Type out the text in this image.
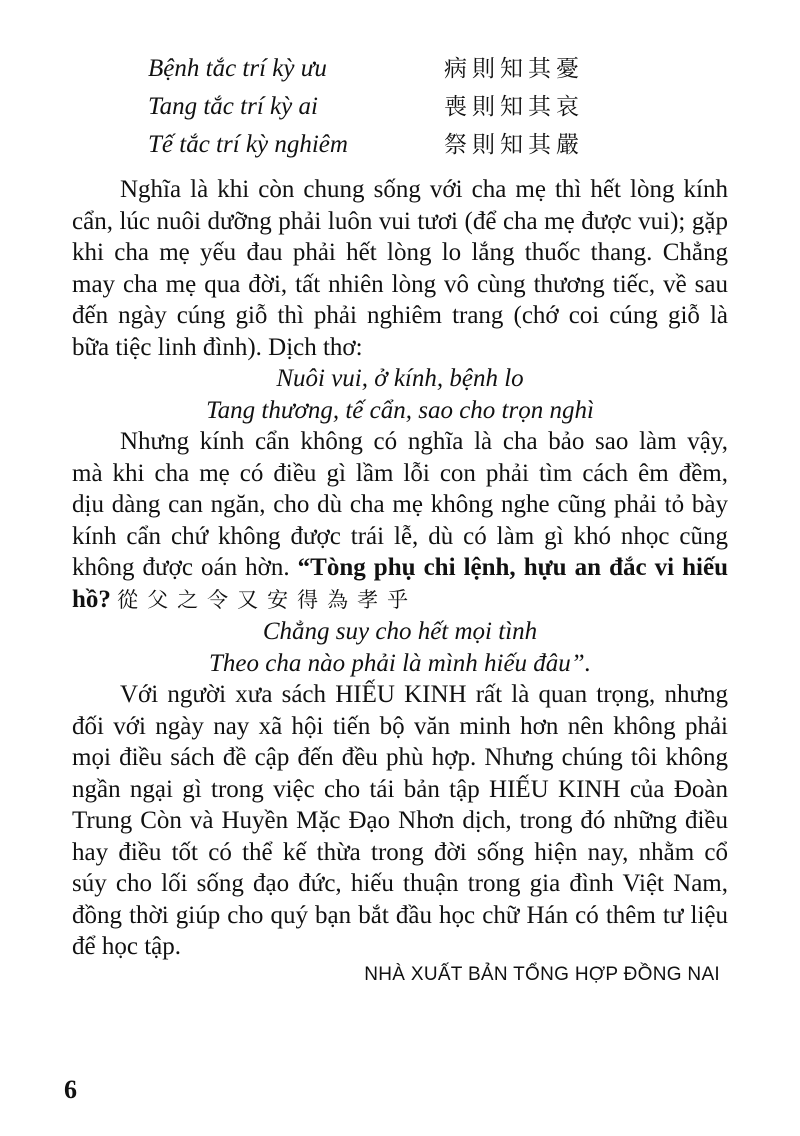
Bệnh tắc trí kỳ ưu	病則知其憂
Tang tắc trí kỳ ai	喪則知其哀
Tế tắc trí kỳ nghiêm	祭則知其嚴
Nghĩa là khi còn chung sống với cha mẹ thì hết lòng kính
cẩn, lúc nuôi dưỡng phải luôn vui tươi (để cha mẹ được vui); gặp
khi cha mẹ yếu đau phải hết lòng lo lắng thuốc thang. Chẳng
may cha mẹ qua đời, tất nhiên lòng vô cùng thương tiếc, về sau
đến ngày cúng giỗ thì phải nghiêm trang (chớ coi cúng giỗ là
bữa tiệc linh đình). Dịch thơ:
Nuôi vui, ở kính, bệnh lo
Tang thương, tế cẩn, sao cho trọn nghì
Nhưng kính cẩn không có nghĩa là cha bảo sao làm vậy,
mà khi cha mẹ có điều gì lầm lỗi con phải tìm cách êm đềm,
dịu dàng can ngăn, cho dù cha mẹ không nghe cũng phải tỏ bày
kính cẩn chứ không được trái lễ, dù có làm gì khó nhọc cũng
không được oán hờn. “Tòng phụ chi lệnh, hựu an đắc vi hiếu
hồ? 從父之令又安得為孝乎
Chẳng suy cho hết mọi tình
Theo cha nào phải là mình hiếu đâu”.
Với người xưa sách HIẾU KINH rất là quan trọng, nhưng
đối với ngày nay xã hội tiến bộ văn minh hơn nên không phải
mọi điều sách đề cập đến đều phù hợp. Nhưng chúng tôi không
ngần ngại gì trong việc cho tái bản tập HIẾU KINH của Đoàn
Trung Còn và Huyền Mặc Đạo Nhơn dịch, trong đó những điều
hay điều tốt có thể kế thừa trong đời sống hiện nay, nhằm cổ
súy cho lối sống đạo đức, hiếu thuận trong gia đình Việt Nam,
đồng thời giúp cho quý bạn bắt đầu học chữ Hán có thêm tư liệu
để học tập.
NHÀ XUẤT BẢN TỔNG HỢP ĐỒNG NAI
6
